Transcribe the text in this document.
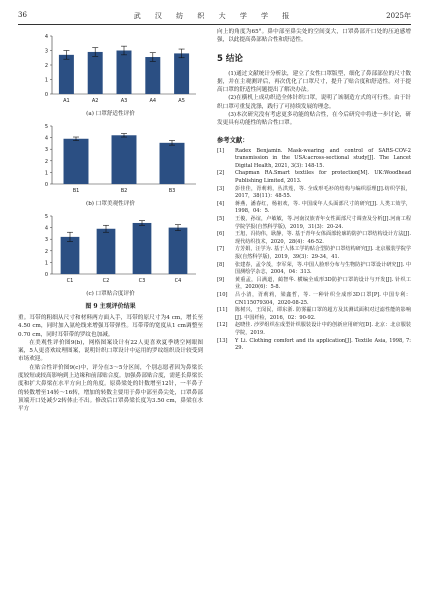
36	武 汉 纺 织 大 学 学 报	2025年
0
1
2
3
4
A1	A2	A3	A4	A5
(a) 口罩舒适性评价
0
1
2
3
4
5
B1	B2	B3
(b) 口罩美观性评价
0
1
2
3
4
5
C1	C2	C3	C4
(c) 口罩贴合度评价
图 9 主观评价结果

重。耳带的粗细从尺寸和材料两方面入手，耳带的原尺寸为4 cm，增长至4.50 cm，同时加入氨纶线来增强耳带弹性。耳带带的宽度从1 cm调整至0.70 cm，同时耳带带的罗纹也加减。

在美观性评价图9(b)，网格图案设计有22人更喜欢夏季绣空网眼图案，5人更喜欢纹理图案，说明针织口罩设计中运用的罗纹组织设计较受到市场欢迎。

在贴合性评价图9(c)中，评分在3～5分区间，个别志愿者因为鼻梁长度较短或较高影响到上边缘和前部贴合度。加强鼻部贴合度，需延长鼻梁长度和扩大鼻梁在水平方向上的角度。原鼻梁处的针数增至12针，一半鼻子的转数增至14转～16转，增加的转数主要用于鼻中部至鼻尖处，口罩鼻部顶端开口处减少2转体止不出。修改后口罩鼻梁长度为3.50 cm，鼻梁在水平方

向上的角度为65°。鼻中部至鼻尖处的空间变大，口罩鼻部开口处的压迫感增强，以此提高鼻部贴合性和舒适性。

5 结论

(1)通过文献统计分析法，建立了女性口罩版型，细化了鼻部部位的尺寸数据，并在主观测评后，再次优化了口罩尺寸，提升了贴合度和舒适性。对于提高口罩的舒适性问题提出了解决办法。

(2)在横机上成功织造全体针织口罩，说明了该制造方式的可行性。由于针织口罩可重复洗涤，践行了可持续发展的理念。

(3)本次研究没有考虑更多功能的贴合性，在今后研究中将进一步讨论，研发更具有功能性的贴合性口罩。

参考文献：
[1]	Radex Benjamin. Mask-wearing and control of SARS-COV-2 transmission in the USA:across-sectional study[J]. The Lancet Digital Health, 2021, 3(3): 148-15.
[2]	Chapman RA.Smart textiles for protection[M]. UK:Woodhead Publishing Limited, 2013.
[3]	彭佳佳，胥莉莉，丛洪莲，等. 全成形毛衫的结构与编织原理[J].纺织学报，2017，38(11)：48-55.
[4]	蒋燕，潘春红，杨祖欢，等. 中国成年人头面部尺寸的研究[J]. 人类工效学，1998，04：5.
[5]	王俊，孙谊，卢敏敏，等.河南汉族青年女性面部尺寸调查及分析[J].河南工程学院学报(自然科学版)，2019，31(3)：20-24.
[6]	王旭，冯钧伟，耿静，等. 基于青年女体面部轮廓的防护口罩结构设计方法[J]. 现代纺织技术，2020，28(4)：46-52.
[7]	方芳娟，汪学为. 基于人体工学的贴合型防护口罩结构研究[J]. 北京服装学院学报(自然科学版)，2019，39(3)：29-34，41.
[8]	张建春，孟令茂，李军荣，等.中国人脸形分布与生物防护口罩设计研究[J]. 中国测绘学杂志，2004，04：313.
[9]	黄重孟，吕满道，蔺智华. 横编全成形3D防护口罩的设计与开发[J]. 针织工业，2020(6)：5-8.
[10]	吕小清，胥莉莉，梁鑫哲，等. 一种针织全成形3D口罩[P]. 中国专利：CN115079304，2020-08-25.
[11]	陈树兴，王闵民，谭东浙. 防雾霾口罩的超方及其测试面积对过滤性能的影响[J]. 中国纤检，2016，02：90-92.
[12]	赵晓佳. 沙罗组织在成型针织服装设计中的创新应用研究[D]. 北京：北京服装学院，2019.
[13]	Y Li. Clothing comfort and its application[J]. Textile Asia, 1998, 7: 29.
